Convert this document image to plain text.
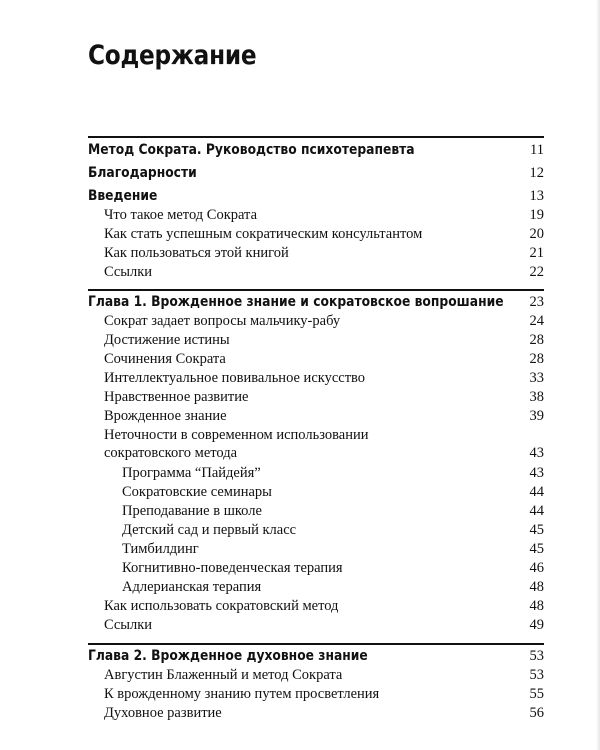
Содержание
Метод Сократа. Руководство психотерапевта	11
Благодарности	12
Введение	13
Что такое метод Сократа	19
Как стать успешным сократическим консультантом	20
Как пользоваться этой книгой	21
Ссылки	22
Глава 1. Врожденное знание и сократовское вопрошание 23
Сократ задает вопросы мальчику-рабу	24
Достижение истины	28
Сочинения Сократа	28
Интеллектуальное повивальное искусство	33
Нравственное развитие	38
Врожденное знание	39
Неточности в современном использовании
сократовского метода	43
Программа “Пайдейя”	43
Сократовские семинары	44
Преподавание в школе	44
Детский сад и первый класс	45
Тимбилдинг	45
Когнитивно-поведенческая терапия	46
Адлерианская терапия	48
Как использовать сократовский метод	48
Ссылки	49
Глава 2. Врожденное духовное знание	53
Августин Блаженный и метод Сократа	53
К врожденному знанию путем просветления	55
Духовное развитие	56
